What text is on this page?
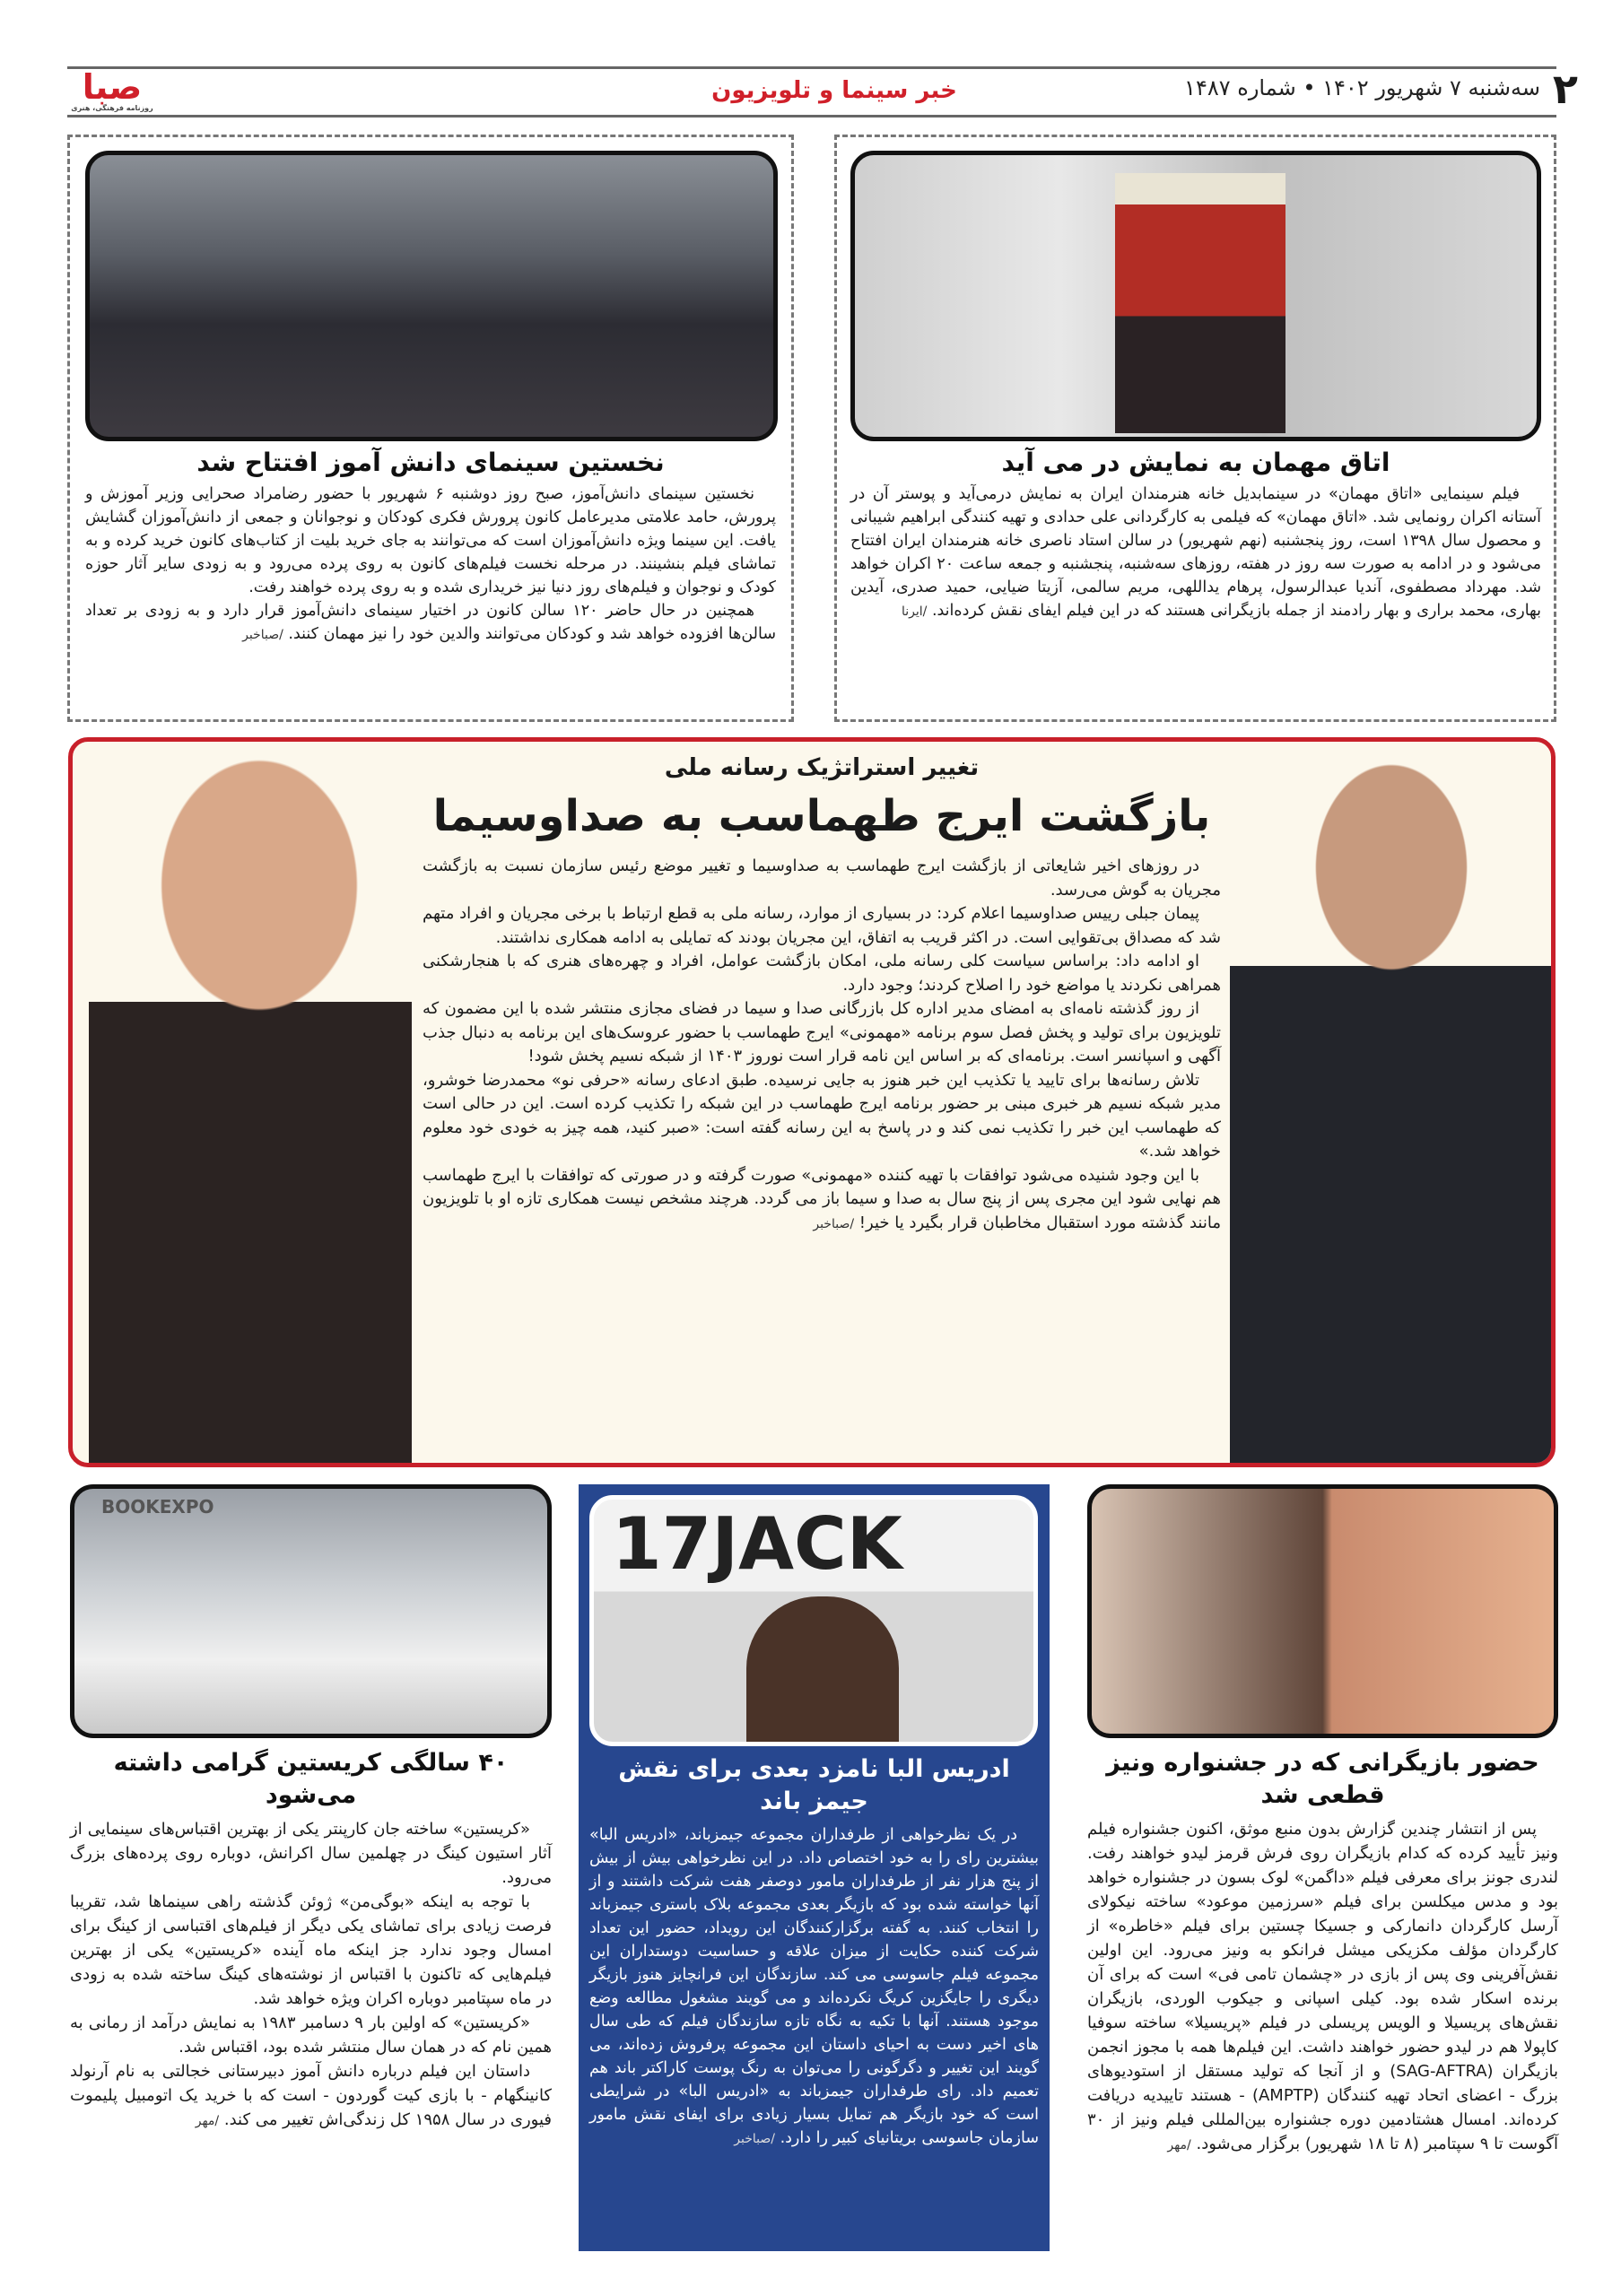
صبا
روزنامه فرهنگی، هنری
خبر سینما و تلویزیون	سه‌شنبه ۷ شهریور ۱۴۰۲ • شماره ۱۴۸۷ ۲
اتاق مهمان به نمایش در می آید

فیلم سینمایی «اتاق مهمان» در سینمابدیل خانه هنرمندان ایران به نمایش درمی‌آید و پوستر آن در آستانه اکران رونمایی شد. «اتاق مهمان» که فیلمی به کارگردانی علی حدادی و تهیه کنندگی ابراهیم شیبانی و محصول سال ۱۳۹۸ است، روز پنجشنبه (نهم شهریور) در سالن استاد ناصری خانه هنرمندان ایران افتتاح می‌شود و در ادامه به صورت سه روز در هفته، روزهای سه‌شنبه، پنجشنبه و جمعه ساعت ۲۰ اکران خواهد شد. مهرداد مصطفوی، آندیا عبدالرسول، پرهام یداللهی، مریم سالمی، آزیتا ضیایی، حمید صدری، آیدین بهاری، محمد براری و بهار رادمند از جمله بازیگرانی هستند که در این فیلم ایفای نقش کرده‌اند. /ایرنا

نخستین سینمای دانش آموز افتتاح شد

نخستین سینمای دانش‌آموز، صبح روز دوشنبه ۶ شهریور با حضور رضامراد صحرایی وزیر آموزش و پرورش، حامد علامتی مدیرعامل کانون پرورش فکری کودکان و نوجوانان و جمعی از دانش‌آموزان گشایش یافت. این سینما ویژه دانش‌آموزان است که می‌توانند به جای خرید بلیت از کتاب‌های کانون خرید کرده و به تماشای فیلم بنشینند. در مرحله نخست فیلم‌های کانون به روی پرده می‌رود و به زودی سایر آثار حوزه کودک و نوجوان و فیلم‌های روز دنیا نیز خریداری شده و به روی پرده خواهند رفت.

همچنین در حال حاضر ۱۲۰ سالن کانون در اختیار سینمای دانش‌آموز قرار دارد و به زودی بر تعداد سالن‌ها افزوده خواهد شد و کودکان می‌توانند والدین خود را نیز مهمان کنند. /صباخبر

تغییر استراتژیک رسانه ملی
بازگشت ایرج طهماسب به صداوسیما

در روزهای اخیر شایعاتی از بازگشت ایرج طهماسب به صداوسیما و تغییر موضع رئیس سازمان نسبت به بازگشت مجریان به گوش می‌رسد.

پیمان جبلی رییس صداوسیما اعلام کرد: در بسیاری از موارد، رسانه ملی به قطع ارتباط با برخی مجریان و افراد متهم شد که مصداق بی‌تقوایی است. در اکثر قریب به اتفاق، این مجریان بودند که تمایلی به ادامه همکاری نداشتند.

او ادامه داد: براساس سیاست کلی رسانه ملی، امکان بازگشت عوامل، افراد و چهره‌های هنری که با هنجارشکنی همراهی نکردند یا مواضع خود را اصلاح کردند؛ وجود دارد.

از روز گذشته نامه‌ای به امضای مدیر اداره کل بازرگانی صدا و سیما در فضای مجازی منتشر شده با این مضمون که تلویزیون برای تولید و پخش فصل سوم برنامه «مهمونی» ایرج طهماسب با حضور عروسک‌های این برنامه به دنبال جذب آگهی و اسپانسر است. برنامه‌ای که بر اساس این نامه قرار است نوروز ۱۴۰۳ از شبکه نسیم پخش شود!

تلاش رسانه‌ها برای تایید یا تکذیب این خبر هنوز به جایی نرسیده. طبق ادعای رسانه «حرفی نو» محمدرضا خوشرو، مدیر شبکه نسیم هر خبری مبنی بر حضور برنامه ایرج طهماسب در این شبکه را تکذیب کرده است. این در حالی است که طهماسب این خبر را تکذیب نمی کند و در پاسخ به این رسانه گفته است: «صبر کنید، همه چیز به خودی خود معلوم خواهد شد.»

با این وجود شنیده می‌شود توافقات با تهیه کننده «مهمونی» صورت گرفته و در صورتی که توافقات با ایرج طهماسب هم نهایی شود این مجری پس از پنج سال به صدا و سیما باز می گردد. هرچند مشخص نیست همکاری تازه او با تلویزیون مانند گذشته مورد استقبال مخاطبان قرار بگیرد یا خیر! /صباخبر

حضور بازیگرانی که در جشنواره ونیز قطعی شد

پس از انتشار چندین گزارش بدون منبع موثق، اکنون جشنواره فیلم ونیز تأیید کرده که کدام بازیگران روی فرش قرمز لیدو خواهند رفت. لندری جونز برای معرفی فیلم «داگمن» لوک بسون در جشنواره خواهد بود و مدس میکلسن برای فیلم «سرزمین موعود» ساخته نیکولای آرسل کارگردان دانمارکی و جسیکا چستین برای فیلم «خاطره» از کارگردان مؤلف مکزیکی میشل فرانکو به ونیز می‌رود. این اولین نقش‌آفرینی وی پس از بازی در «چشمان تامی فی» است که برای آن برنده اسکار شده بود. کیلی اسپانی و جیکوب الوردی، بازیگران نقش‌های پریسیلا و الویس پریسلی در فیلم «پریسیلا» ساخته سوفیا کاپولا هم در لیدو حضور خواهند داشت. این فیلم‌ها همه با مجوز انجمن بازیگران (SAG-AFTRA) و از آنجا که تولید مستقل از استودیوهای بزرگ - اعضای اتحاد تهیه کنندگان (AMPTP) - هستند تاییدیه دریافت کرده‌اند. امسال هشتادمین دوره جشنواره بین‌المللی فیلم ونیز از ۳۰ آگوست تا ۹ سپتامبر (۸ تا ۱۸ شهریور) برگزار می‌شود. /مهر

17JACK
ادریس البا نامزد بعدی برای نقش جیمز باند

در یک نظرخواهی از طرفداران مجموعه جیمزباند، «ادریس البا» بیشترین رای را به خود اختصاص داد. در این نظرخواهی بیش از بیش از پنج هزار نفر از طرفداران مامور دوصفر هفت شرکت داشتند و از آنها خواسته شده بود که بازیگر بعدی مجموعه بلاک باستری جیمزباند را انتخاب کنند. به گفته برگزارکنندگان این رویداد، حضور این تعداد شرکت کننده حکایت از میزان علاقه و حساسیت دوستداران این مجموعه فیلم جاسوسی می کند. سازندگان این فرانچایز هنوز بازیگر دیگری را جایگزین کریگ نکرده‌اند و می گویند مشغول مطالعه وضع موجود هستند. آنها با تکیه به نگاه تازه سازندگان فیلم که طی سال های اخیر دست به احیای داستان این مجموعه پرفروش زده‌اند، می گویند این تغییر و دگرگونی را می‌توان به رنگ پوست کاراکتر باند هم تعمیم داد. رای طرفداران جیمزباند به «ادریس البا» در شرایطی است که خود بازیگر هم تمایل بسیار زیادی برای ایفای نقش مامور سازمان جاسوسی بریتانیای کبیر را دارد. /صباخبر

BOOKEXPO
۴۰ سالگی کریستین گرامی داشته می‌شود

«کریستین» ساخته جان کارپنتر یکی از بهترین اقتباس‌های سینمایی از آثار استیون کینگ در چهلمین سال اکرانش، دوباره روی پرده‌های بزرگ می‌رود.

با توجه به اینکه «بوگی‌من» ژوئن گذشته راهی سینماها شد، تقریبا فرصت زیادی برای تماشای یکی دیگر از فیلم‌های اقتباسی از کینگ برای امسال وجود ندارد جز اینکه ماه آینده «کریستین» یکی از بهترین فیلم‌هایی که تاکنون با اقتباس از نوشته‌های کینگ ساخته شده به زودی در ماه سپتامبر دوباره اکران ویژه خواهد شد.

«کریستین» که اولین بار ۹ دسامبر ۱۹۸۳ به نمایش درآمد از رمانی به همین نام که در همان سال منتشر شده بود، اقتباس شد.

داستان این فیلم درباره دانش آموز دبیرستانی خجالتی به نام آرنولد کانینگهام - با بازی کیت گوردون - است که با خرید یک اتومبیل پلیموت فیوری در سال ۱۹۵۸ کل زندگی‌اش تغییر می کند. /مهر
